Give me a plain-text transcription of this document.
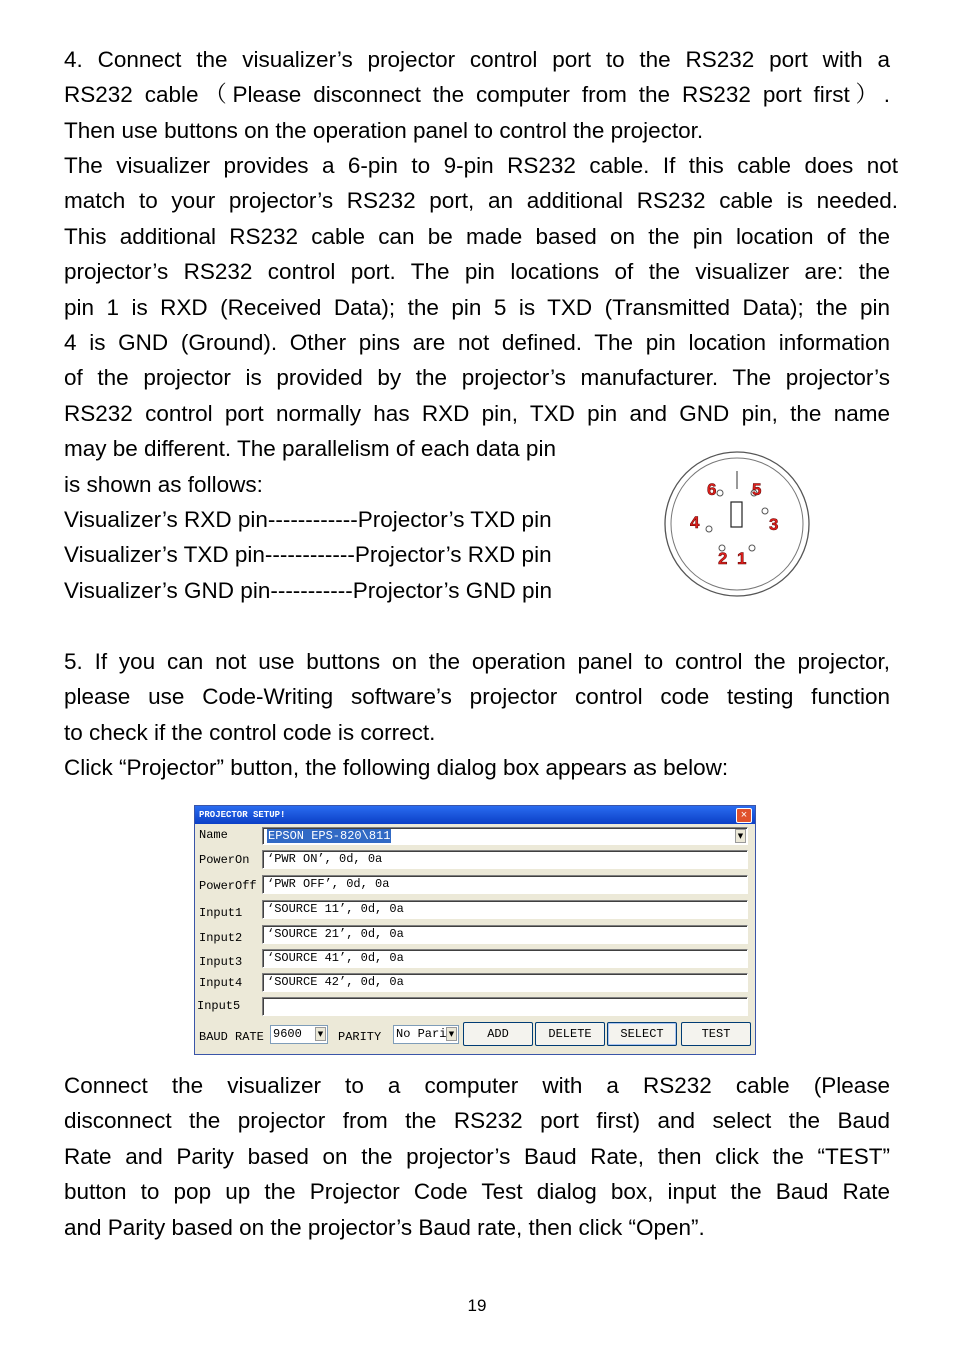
4. Connect the visualizer’s projector control port to the RS232 port with a
RS232 cable（Please disconnect the computer from the RS232 port first）.
Then use buttons on the operation panel to control the projector.
The visualizer provides a 6-pin to 9-pin RS232 cable. If this cable does not
match to your projector’s RS232 port, an additional RS232 cable is needed.
This additional RS232 cable can be made based on the pin location of the
projector’s RS232 control port. The pin locations of the visualizer are: the
pin 1 is RXD (Received Data); the pin 5 is TXD (Transmitted Data); the pin
4 is GND (Ground). Other pins are not defined. The pin location information
of the projector is provided by the projector’s manufacturer. The projector’s
RS232 control port normally has RXD pin, TXD pin and GND pin, the name
may be different. The parallelism of each data pin
is shown as follows:
Visualizer’s RXD pin------------Projector’s TXD pin
Visualizer’s TXD pin------------Projector’s RXD pin
Visualizer’s GND pin-----------Projector’s GND pin
6 5
4	3
2 1
5. If you can not use buttons on the operation panel to control the projector,
please use Code-Writing software’s projector control code testing function
to check if the control code is correct.
Click “Projector” button, the following dialog box appears as below:
PROJECTOR SETUP!	×
Name	EPSON EPS-820\811	▼
PowerOn	‘PWR ON’, 0d, 0a
PowerOff ‘PWR OFF’, 0d, 0a
Input1	‘SOURCE 11’, 0d, 0a
Input2	‘SOURCE 21’, 0d, 0a
Input3	‘SOURCE 41’, 0d, 0a
Input4	‘SOURCE 42’, 0d, 0a
Input5
BAUD RATE 9600	▼ PARITY No Pari ▼	ADD	DELETE	SELECT	TEST
Connect the visualizer to a computer with a RS232 cable (Please
disconnect the projector from the RS232 port first) and select the Baud
Rate and Parity based on the projector’s Baud Rate, then click the “TEST”
button to pop up the Projector Code Test dialog box, input the Baud Rate
and Parity based on the projector’s Baud rate, then click “Open”.
19
